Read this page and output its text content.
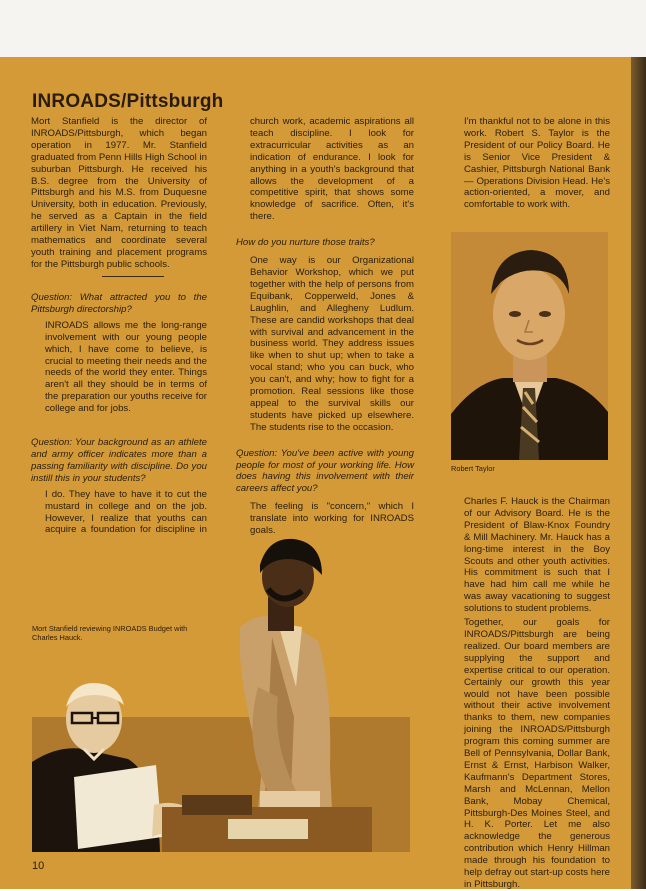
INROADS/Pittsburgh

Mort Stanfield is the director of INROADS/Pittsburgh, which began operation in 1977. Mr. Stanfield graduated from Penn Hills High School in suburban Pittsburgh. He received his B.S. degree from the University of Pittsburgh and his M.S. from Duquesne University, both in education. Previously, he served as a Captain in the field artillery in Viet Nam, returning to teach mathematics and coordinate several youth training and placement programs for the Pittsburgh public schools.

Question: What attracted you to the Pittsburgh directorship?

INROADS allows me the long-range involvement with our young people which, I have come to believe, is crucial to meeting their needs and the needs of the world they enter. Things aren't all they should be in terms of the preparation our youths receive for college and for jobs.

Question: Your background as an athlete and army officer indicates more than a passing familiarity with discipline. Do you instill this in your students?

I do. They have to have it to cut the mustard in college and on the job. However, I realize that youths can acquire a foundation for discipline in

church work, academic aspirations all teach discipline. I look for extracurricular activities as an indication of endurance. I look for anything in a youth's background that allows the development of a competitive spirit, that shows some knowledge of sacrifice. Often, it's there.

How do you nurture those traits?

One way is our Organizational Behavior Workshop, which we put together with the help of persons from Equibank, Copperweld, Jones & Laughlin, and Allegheny Ludlum. These are candid workshops that deal with survival and advancement in the business world. They address issues like when to shut up; when to take a vocal stand; who you can buck, who you can't, and why; how to fight for a promotion. Real sessions like those appeal to the survival skills our students have picked up elsewhere. The students rise to the occasion.

Question: You've been active with young people for most of your working life. How does having this involvement with their careers affect you?

The feeling is "concern," which I translate into working for INROADS goals.

I'm thankful not to be alone in this work. Robert S. Taylor is the President of our Policy Board. He is Senior Vice President & Cashier, Pittsburgh National Bank — Operations Division Head. He's action-oriented, a mover, and comfortable to work with.

Robert Taylor

Charles F. Hauck is the Chairman of our Advisory Board. He is the President of Blaw-Knox Foundry & Mill Machinery. Mr. Hauck has a long-time interest in the Boy Scouts and other youth activities. His commitment is such that I have had him call me while he was away vacationing to suggest solutions to student problems.

Together, our goals for INROADS/Pittsburgh are being realized. Our board members are supplying the support and expertise critical to our operation. Certainly our growth this year would not have been possible without their active involvement thanks to them, new companies joining the INROADS/Pittsburgh program this coming summer are Bell of Pennsylvania, Dollar Bank, Ernst & Ernst, Harbison Walker, Kaufmann's Department Stores, Marsh and McLennan, Mellon Bank, Mobay Chemical, Pittsburgh-Des Moines Steel, and H. K. Porter. Let me also acknowledge the generous contribution which Henry Hillman made through his foundation to help defray out start-up costs here in Pittsburgh.

Mort Stanfield reviewing INROADS Budget with Charles Hauck.
10
